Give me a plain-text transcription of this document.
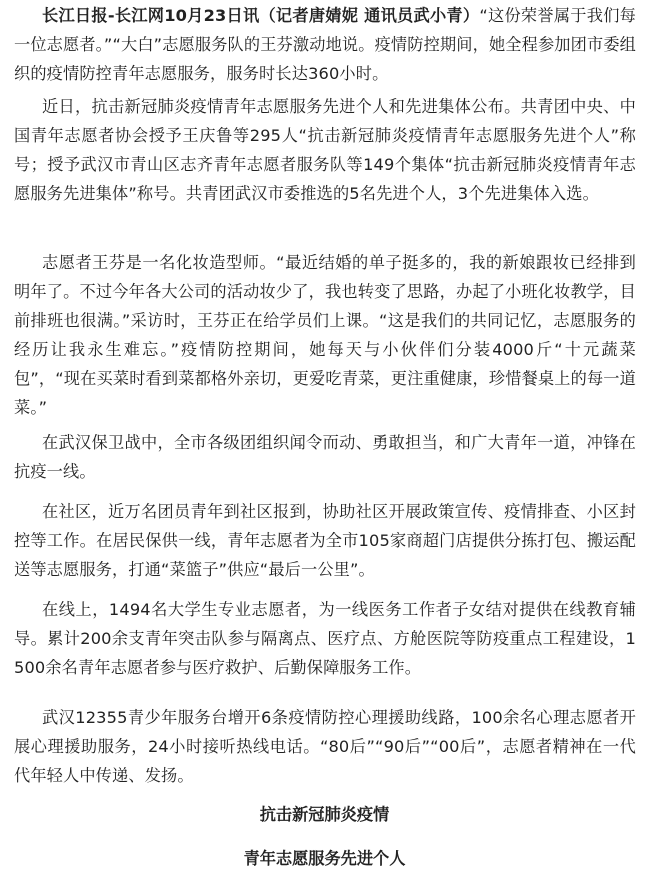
长江日报-长江网10月23日讯（记者唐婧妮 通讯员武小青）“这份荣誉属于我们每一位志愿者。”“大白”志愿服务队的王芬激动地说。疫情防控期间，她全程参加团市委组织的疫情防控青年志愿服务，服务时长达360小时。

近日，抗击新冠肺炎疫情青年志愿服务先进个人和先进集体公布。共青团中央、中国青年志愿者协会授予王庆鲁等295人“抗击新冠肺炎疫情青年志愿服务先进个人”称号；授予武汉市青山区志齐青年志愿者服务队等149个集体“抗击新冠肺炎疫情青年志愿服务先进集体”称号。共青团武汉市委推选的5名先进个人，3个先进集体入选。

志愿者王芬是一名化妆造型师。“最近结婚的单子挺多的，我的新娘跟妆已经排到明年了。不过今年各大公司的活动妆少了，我也转变了思路，办起了小班化妆教学，目前排班也很满。”采访时，王芬正在给学员们上课。“这是我们的共同记忆，志愿服务的经历让我永生难忘。”疫情防控期间，她每天与小伙伴们分装4000斤“十元蔬菜包”，“现在买菜时看到菜都格外亲切，更爱吃青菜，更注重健康，珍惜餐桌上的每一道菜。”

在武汉保卫战中，全市各级团组织闻令而动、勇敢担当，和广大青年一道，冲锋在抗疫一线。

在社区，近万名团员青年到社区报到，协助社区开展政策宣传、疫情排查、小区封控等工作。在居民保供一线，青年志愿者为全市105家商超门店提供分拣打包、搬运配送等志愿服务，打通“菜篮子”供应“最后一公里”。

在线上，1494名大学生专业志愿者，为一线医务工作者子女结对提供在线教育辅导。累计200余支青年突击队参与隔离点、医疗点、方舱医院等防疫重点工程建设，1500余名青年志愿者参与医疗救护、后勤保障服务工作。

武汉12355青少年服务台增开6条疫情防控心理援助线路，100余名心理志愿者开展心理援助服务，24小时接听热线电话。“80后”“90后”“00后”，志愿者精神在一代代年轻人中传递、发扬。

抗击新冠肺炎疫情
青年志愿服务先进个人
